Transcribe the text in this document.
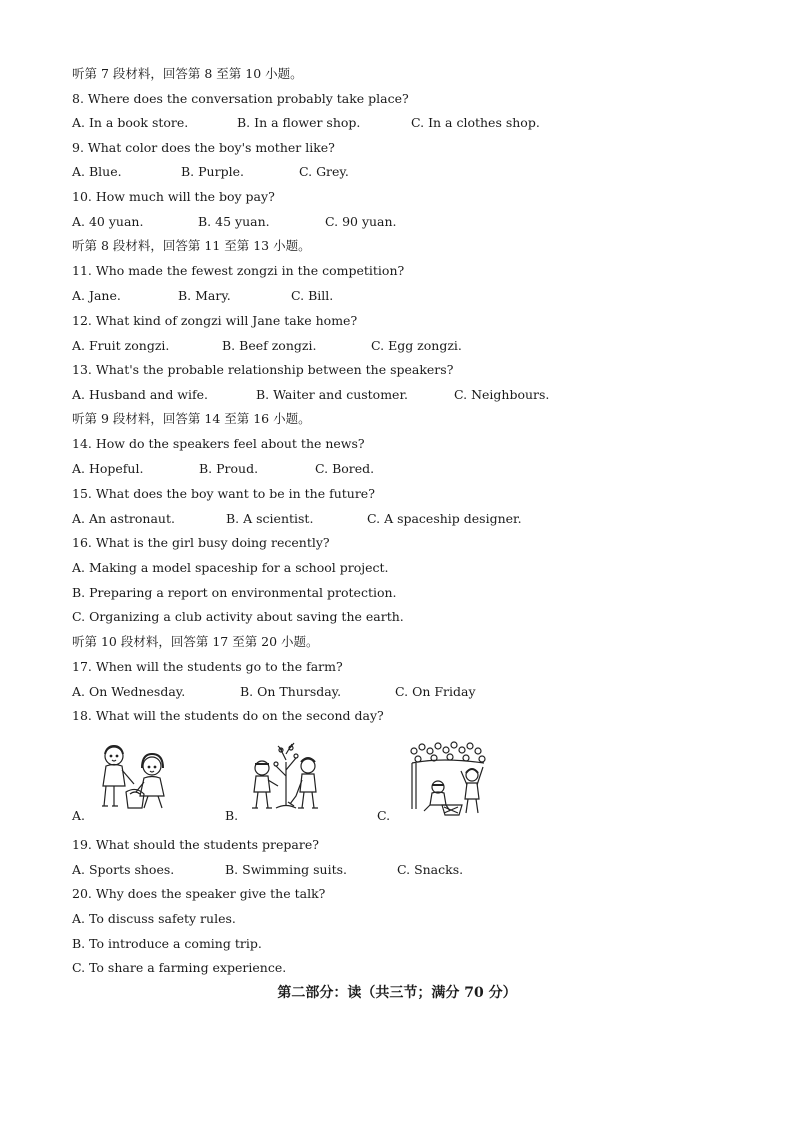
听第 7 段材料，回答第 8 至第 10 小题。
8. Where does the conversation probably take place?
A. In a book store.	B. In a flower shop.	C. In a clothes shop.
9. What color does the boy's mother like?
A. Blue.	B. Purple.	C. Grey.
10. How much will the boy pay?
A. 40 yuan.	B. 45 yuan.	C. 90 yuan.
听第 8 段材料，回答第 11 至第 13 小题。
11. Who made the fewest zongzi in the competition?
A. Jane.	B. Mary.	C. Bill.
12. What kind of zongzi will Jane take home?
A. Fruit zongzi.	B. Beef zongzi.	C. Egg zongzi.
13. What's the probable relationship between the speakers?
A. Husband and wife.	B. Waiter and customer.	C. Neighbours.
听第 9 段材料，回答第 14 至第 16 小题。
14. How do the speakers feel about the news?
A. Hopeful.	B. Proud.	C. Bored.
15. What does the boy want to be in the future?
A. An astronaut.	B. A scientist.	C. A spaceship designer.
16. What is the girl busy doing recently?
A. Making a model spaceship for a school project.
B. Preparing a report on environmental protection.
C. Organizing a club activity about saving the earth.
听第 10 段材料，回答第 17 至第 20 小题。
17. When will the students go to the farm?
A. On Wednesday.	B. On Thursday.	C. On Friday
18. What will the students do on the second day?
A.	B.	C.
19. What should the students prepare?
A. Sports shoes.	B. Swimming suits.	C. Snacks.
20. Why does the speaker give the talk?
A. To discuss safety rules.
B. To introduce a coming trip.
C. To share a farming experience.
第二部分：读（共三节；满分 70 分）
